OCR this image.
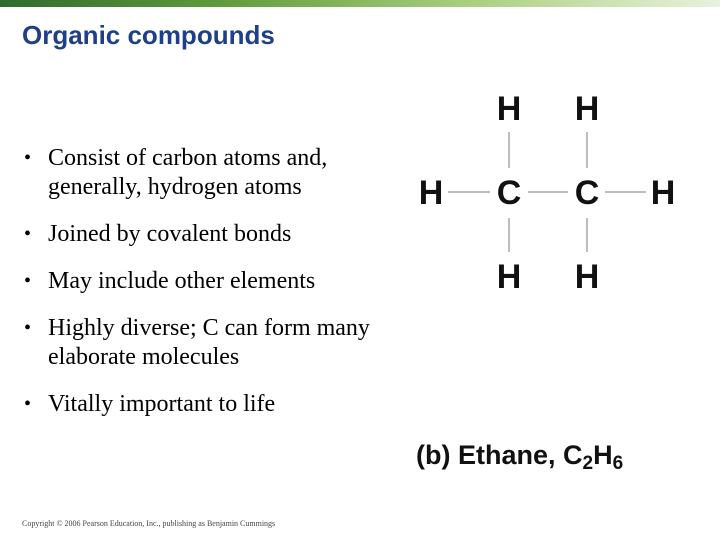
Organic compounds
• Consist of carbon atoms and, generally, hydrogen atoms
• Joined by covalent bonds
• May include other elements
• Highly diverse; C can form many elaborate molecules
• Vitally important to life
H H
H C C H
H H
(b) Ethane, $C_2H_6$
Copyright © 2006 Pearson Education, Inc., publishing as Benjamin Cummings
